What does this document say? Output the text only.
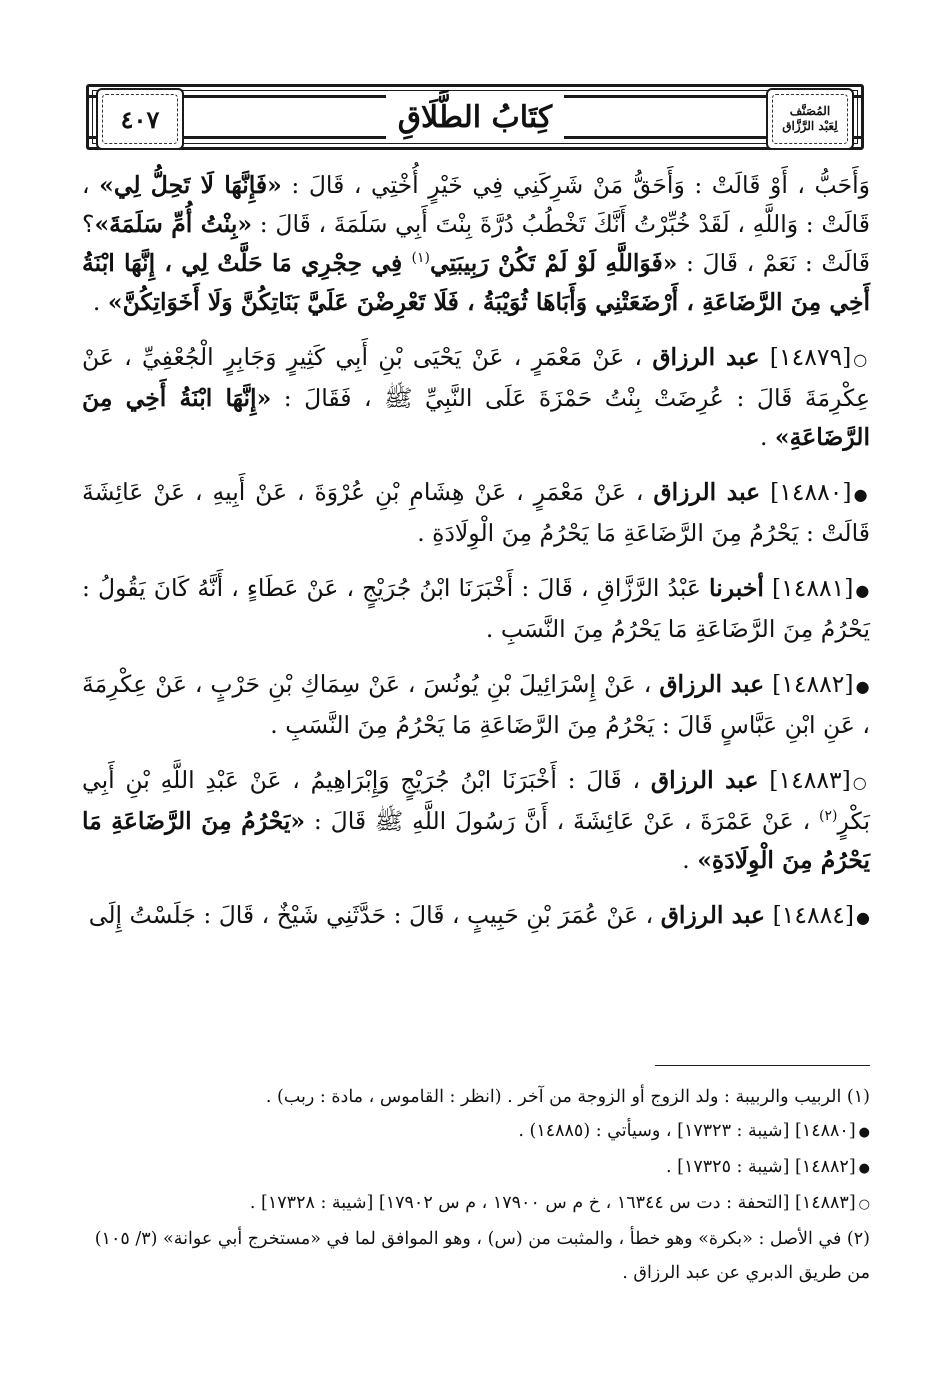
٤٠٧	كِتَابُ الطَّلَاقِ	المُصَنَّف
لِعَبْد الرَّزَّاق

وَأَحَبُّ ، أَوْ قَالَتْ : وَأَحَقُّ مَنْ شَرِكَنِي فِي خَيْرٍ أُخْتِي ، قَالَ : «فَإِنَّهَا لَا تَحِلُّ لِي» ، قَالَتْ : وَاللَّهِ ، لَقَدْ خُبِّرْتُ أَنَّكَ تَخْطُبُ دُرَّةَ بِنْتَ أَبِي سَلَمَةَ ، قَالَ : «بِنْتُ أُمِّ سَلَمَةَ»؟ قَالَتْ : نَعَمْ ، قَالَ : «فَوَاللَّهِ لَوْ لَمْ تَكُنْ رَبِيبَتِي$^{(١)}$ فِي حِجْرِي مَا حَلَّتْ لِي ، إِنَّهَا ابْنَةُ أَخِي مِنَ الرَّضَاعَةِ ، أَرْضَعَتْنِي وَأَبَاهَا ثُوَيْبَةُ ، فَلَا تَعْرِضْنَ عَلَيَّ بَنَاتِكُنَّ وَلَا أَخَوَاتِكُنَّ» .

○[١٤٨٧٩] عبد الرزاق ، عَنْ مَعْمَرٍ ، عَنْ يَحْيَى بْنِ أَبِي كَثِيرٍ وَجَابِرٍ الْجُعْفِيِّ ، عَنْ عِكْرِمَةَ قَالَ : عُرِضَتْ بِنْتُ حَمْزَةَ عَلَى النَّبِيِّ ﷺ ، فَقَالَ : «إِنَّهَا ابْنَةُ أَخِي مِنَ الرَّضَاعَةِ» .

●[١٤٨٨٠] عبد الرزاق ، عَنْ مَعْمَرٍ ، عَنْ هِشَامِ بْنِ عُرْوَةَ ، عَنْ أَبِيهِ ، عَنْ عَائِشَةَ قَالَتْ : يَحْرُمُ مِنَ الرَّضَاعَةِ مَا يَحْرُمُ مِنَ الْوِلَادَةِ .

●[١٤٨٨١] أخبرنا عَبْدُ الرَّزَّاقِ ، قَالَ : أَخْبَرَنَا ابْنُ جُرَيْجٍ ، عَنْ عَطَاءٍ ، أَنَّهُ كَانَ يَقُولُ : يَحْرُمُ مِنَ الرَّضَاعَةِ مَا يَحْرُمُ مِنَ النَّسَبِ .

●[١٤٨٨٢] عبد الرزاق ، عَنْ إِسْرَائِيلَ بْنِ يُونُسَ ، عَنْ سِمَاكِ بْنِ حَرْبٍ ، عَنْ عِكْرِمَةَ ، عَنِ ابْنِ عَبَّاسٍ قَالَ : يَحْرُمُ مِنَ الرَّضَاعَةِ مَا يَحْرُمُ مِنَ النَّسَبِ .

○[١٤٨٨٣] عبد الرزاق ، قَالَ : أَخْبَرَنَا ابْنُ جُرَيْجٍ وَإِبْرَاهِيمُ ، عَنْ عَبْدِ اللَّهِ بْنِ أَبِي بَكْرٍ$^{(٢)}$ ، عَنْ عَمْرَةَ ، عَنْ عَائِشَةَ ، أَنَّ رَسُولَ اللَّهِ ﷺ قَالَ : «يَحْرُمُ مِنَ الرَّضَاعَةِ مَا يَحْرُمُ مِنَ الْوِلَادَةِ» .

●[١٤٨٨٤] عبد الرزاق ، عَنْ عُمَرَ بْنِ حَبِيبٍ ، قَالَ : حَدَّثَنِي شَيْخٌ ، قَالَ : جَلَسْتُ إِلَى

(١) الربيب والربيبة : ولد الزوج أو الزوجة من آخر . (انظر : القاموس ، مادة : ربب) .

●[١٤٨٨٠] [شيبة : ١٧٣٢٣] ، وسيأتي : (١٤٨٨٥) .

●[١٤٨٨٢] [شيبة : ١٧٣٢٥] .

○[١٤٨٨٣] [التحفة : دت س ١٦٣٤٤ ، خ م س ١٧٩٠٠ ، م س ١٧٩٠٢] [شيبة : ١٧٣٢٨] .

(٢) في الأصل : «بكرة» وهو خطأ ، والمثبت من (س) ، وهو الموافق لما في «مستخرج أبي عوانة» (٣/ ١٠٥) من طريق الدبري عن عبد الرزاق .
